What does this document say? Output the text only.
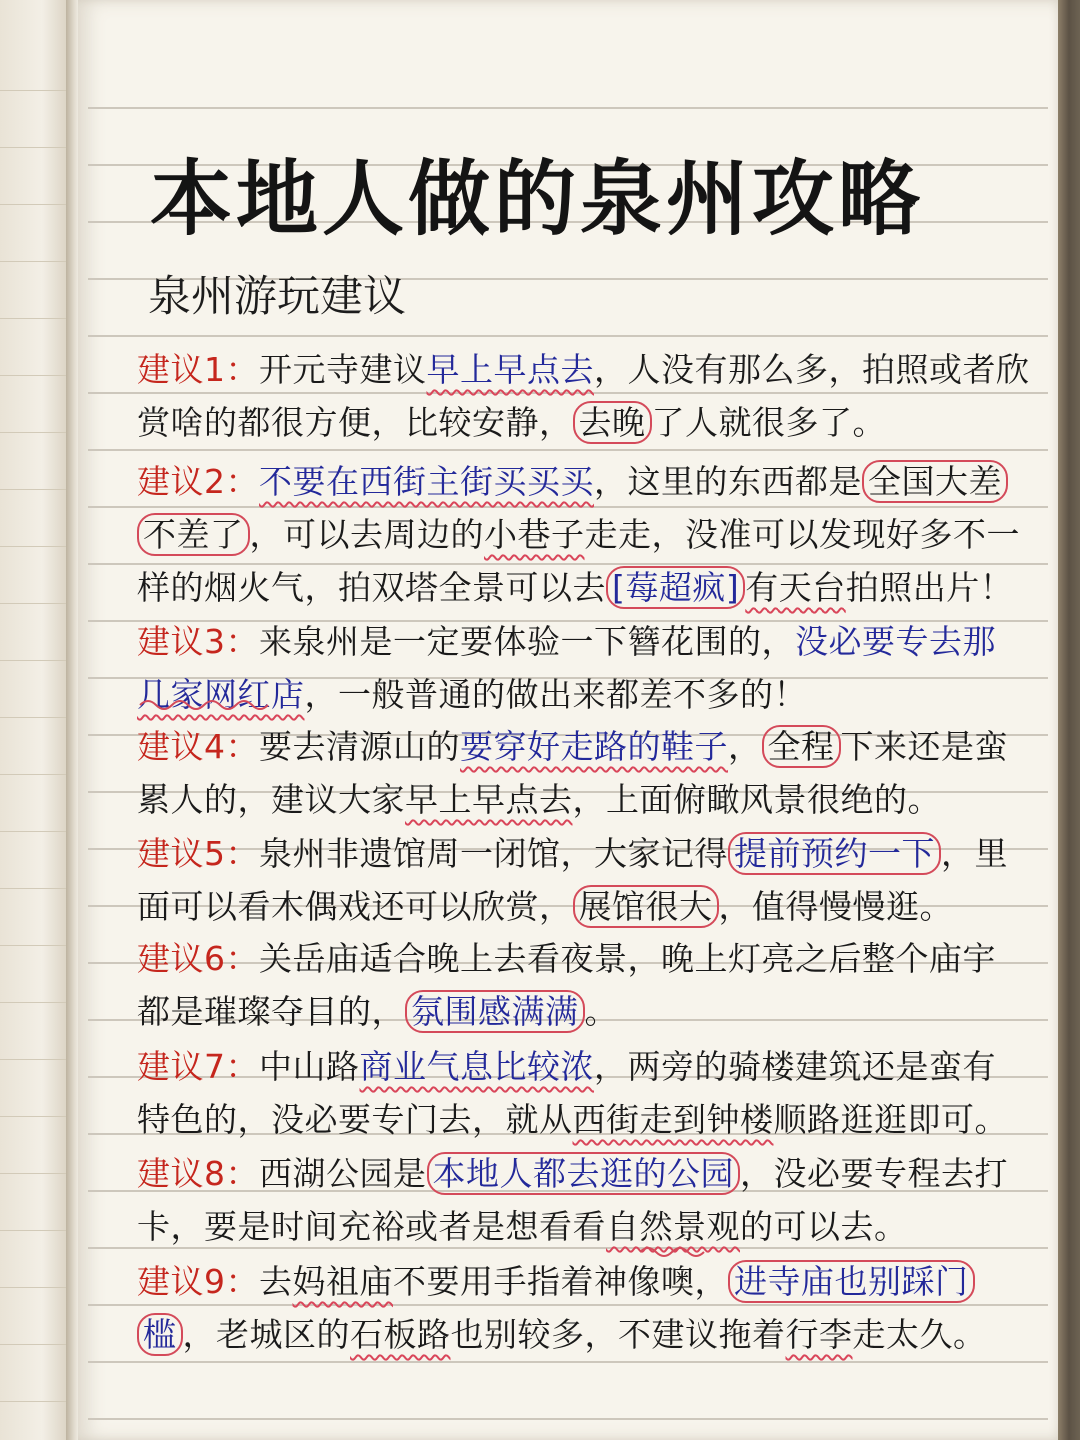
本地人做的泉州攻略
泉州游玩建议
建议1：开元寺建议早上早点去，人没有那么多，拍照或者欣
赏啥的都很方便，比较安静， 去晚 了人就很多了。
建议2：不要在西街主街买买买，这里的东西都是 全国大差
不差了 ，可以去周边的小巷子走走，没准可以发现好多不一
样的烟火气，拍双塔全景可以去 [莓超疯] 有天台拍照出片！
建议3：来泉州是一定要体验一下簪花围的，没必要专去那
几家网红店，一般普通的做出来都差不多的！
建议4：要去清源山的要穿好走路的鞋子， 全程 下来还是蛮
累人的，建议大家早上早点去，上面俯瞰风景很绝的。
建议5：泉州非遗馆周一闭馆，大家记得 提前预约一下 ，里
面可以看木偶戏还可以欣赏， 展馆很大 ，值得慢慢逛。
建议6：关岳庙适合晚上去看夜景，晚上灯亮之后整个庙宇
都是璀璨夺目的， 氛围感满满 。
建议7：中山路商业气息比较浓，两旁的骑楼建筑还是蛮有
特色的，没必要专门去，就从西街走到钟楼顺路逛逛即可。
建议8：西湖公园是 本地人都去逛的公园 ，没必要专程去打
卡，要是时间充裕或者是想看看自然景观的可以去。
建议9：去妈祖庙不要用手指着神像噢， 进寺庙也别踩门
槛 ，老城区的石板路也别较多，不建议拖着行李走太久。
